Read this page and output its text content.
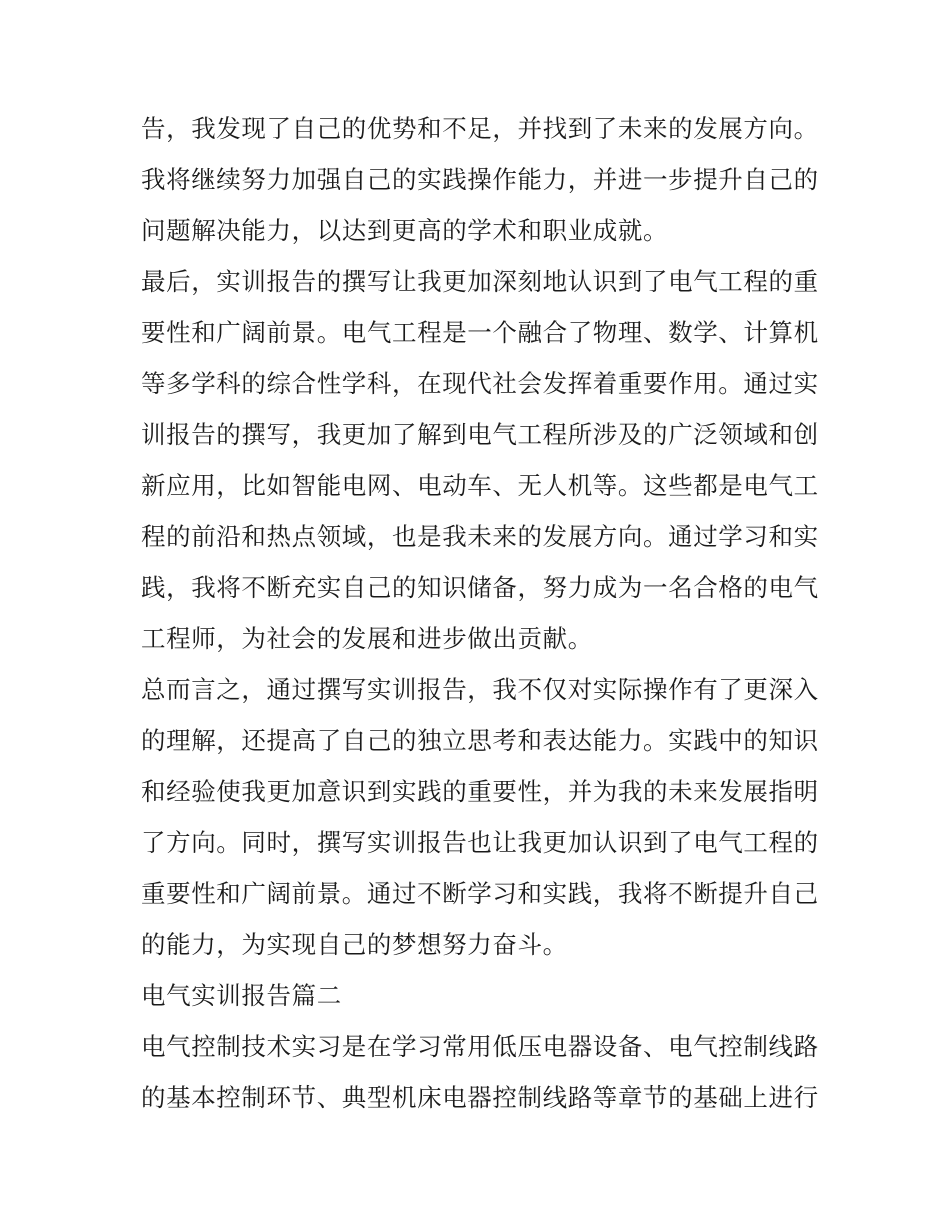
告，我发现了自己的优势和不足，并找到了未来的发展方向。
我将继续努力加强自己的实践操作能力，并进一步提升自己的
问题解决能力，以达到更高的学术和职业成就。
最后，实训报告的撰写让我更加深刻地认识到了电气工程的重
要性和广阔前景。电气工程是一个融合了物理、数学、计算机
等多学科的综合性学科，在现代社会发挥着重要作用。通过实
训报告的撰写，我更加了解到电气工程所涉及的广泛领域和创
新应用，比如智能电网、电动车、无人机等。这些都是电气工
程的前沿和热点领域，也是我未来的发展方向。通过学习和实
践，我将不断充实自己的知识储备，努力成为一名合格的电气
工程师，为社会的发展和进步做出贡献。
总而言之，通过撰写实训报告，我不仅对实际操作有了更深入
的理解，还提高了自己的独立思考和表达能力。实践中的知识
和经验使我更加意识到实践的重要性，并为我的未来发展指明
了方向。同时，撰写实训报告也让我更加认识到了电气工程的
重要性和广阔前景。通过不断学习和实践，我将不断提升自己
的能力，为实现自己的梦想努力奋斗。
电气实训报告篇二
电气控制技术实习是在学习常用低压电器设备、电气控制线路
的基本控制环节、典型机床电器控制线路等章节的基础上进行
